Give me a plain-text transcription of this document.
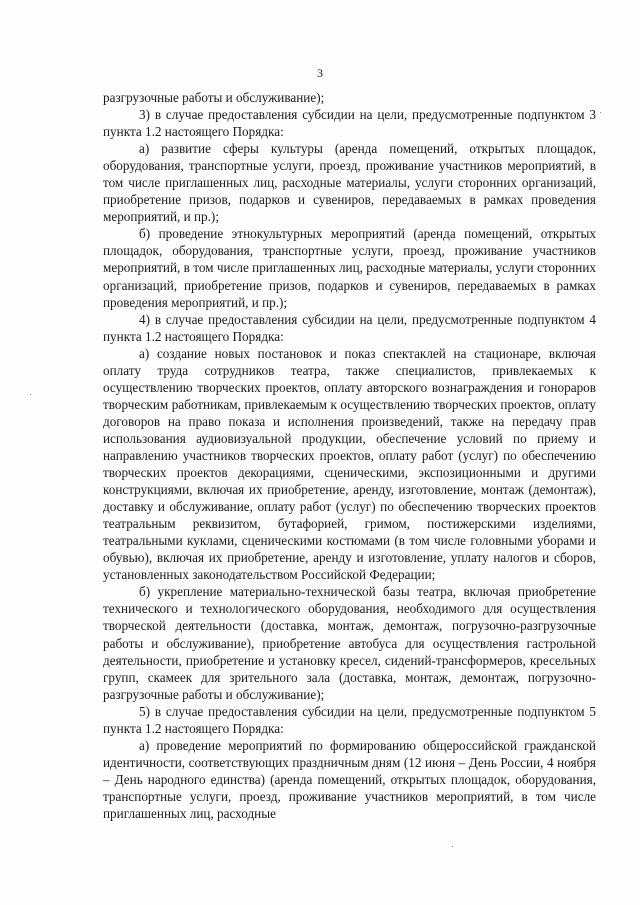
3

разгрузочные работы и обслуживание);

3) в случае предоставления субсидии на цели, предусмотренные подпунктом 3 пункта 1.2 настоящего Порядка:

а) развитие сферы культуры (аренда помещений, открытых площадок, оборудования, транспортные услуги, проезд, проживание участников мероприятий, в том числе приглашенных лиц, расходные материалы, услуги сторонних организаций, приобретение призов, подарков и сувениров, передаваемых в рамках проведения мероприятий, и пр.);

б) проведение этнокультурных мероприятий (аренда помещений, открытых площадок, оборудования, транспортные услуги, проезд, проживание участников мероприятий, в том числе приглашенных лиц, расходные материалы, услуги сторонних организаций, приобретение призов, подарков и сувениров, передаваемых в рамках проведения мероприятий, и пр.);

4) в случае предоставления субсидии на цели, предусмотренные подпунктом 4 пункта 1.2 настоящего Порядка:

а) создание новых постановок и показ спектаклей на стационаре, включая оплату труда сотрудников театра, также специалистов, привлекаемых к осуществлению творческих проектов, оплату авторского вознаграждения и гонораров творческим работникам, привлекаемым к осуществлению творческих проектов, оплату договоров на право показа и исполнения произведений, также на передачу прав использования аудиовизуальной продукции, обеспечение условий по приему и направлению участников творческих проектов, оплату работ (услуг) по обеспечению творческих проектов декорациями, сценическими, экспозиционными и другими конструкциями, включая их приобретение, аренду, изготовление, монтаж (демонтаж), доставку и обслуживание, оплату работ (услуг) по обеспечению творческих проектов театральным реквизитом, бутафорией, гримом, постижерскими изделиями, театральными куклами, сценическими костюмами (в том числе головными уборами и обувью), включая их приобретение, аренду и изготовление, уплату налогов и сборов, установленных законодательством Российской Федерации;

б) укрепление материально-технической базы театра, включая приобретение технического и технологического оборудования, необходимого для осуществления творческой деятельности (доставка, монтаж, демонтаж, погрузочно-разгрузочные работы и обслуживание), приобретение автобуса для осуществления гастрольной деятельности, приобретение и установку кресел, сидений-трансформеров, кресельных групп, скамеек для зрительного зала (доставка, монтаж, демонтаж, погрузочно-разгрузочные работы и обслуживание);

5) в случае предоставления субсидии на цели, предусмотренные подпунктом 5 пункта 1.2 настоящего Порядка:

а) проведение мероприятий по формированию общероссийской гражданской идентичности, соответствующих праздничным дням (12 июня – День России, 4 ноября – День народного единства) (аренда помещений, открытых площадок, оборудования, транспортные услуги, проезд, проживание участников мероприятий, в том числе приглашенных лиц, расходные
